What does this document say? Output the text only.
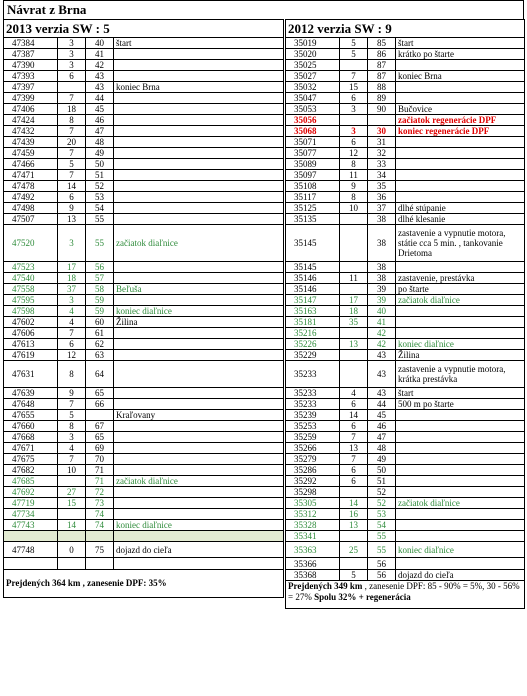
Návrat z Brna
2013 verzia SW : 5			
47384	3	40	štart
47387	3	41	
47390	3	42	
47393	6	43	
47397		43	koniec Brna
47399	7	44	
47406	18	45	
47424	8	46	
47432	7	47	
47439	20	48	
47459	7	49	
47466	5	50	
47471	7	51	
47478	14	52	
47492	6	53	
47498	9	54	
47507	13	55	
47520	3	55	začiatok diaľnice
47523	17	56	
47540	18	57	
47558	37	58	Beľuša
47595	3	59	
47598	4	59	koniec diaľnice
47602	4	60	Žilina
47606	7	61	
47613	6	62	
47619	12	63	
47631	8	64	
47639	9	65	
47648	7	66	
47655	5		Kraľovany
47660	8	67	
47668	3	65	
47671	4	69	
47675	7	70	
47682	10	71	
47685		71	začiatok diaľnice
47692	27	72	
47719	15	73	
47734		74	
47743	14	74	koniec diaľnice

47748	0	75	dojazd do cieľa

Prejdených 364 km , zanesenie DPF: 35%			
2012 verzia SW : 9			
35019	5	85	štart
35020	5	86	krátko po štarte
35025		87	
35027	7	87	koniec Brna
35032	15	88	
35047	6	89	
35053	3	90	Bučovice
35056			začiatok regenerácie DPF
35068	3	30	koniec regenerácie DPF
35071	6	31	
35077	12	32	
35089	8	33	
35097	11	34	
35108	9	35	
35117	8	36	
35125	10	37	dlhé stúpanie
35135		38	dlhé klesanie
35145		38	zastavenie a vypnutie motora, státie cca 5 min. , tankovanie Drietoma
35145		38	
35146	11	38	zastavenie, prestávka
35146		39	po štarte
35147	17	39	začiatok diaľnice
35163	18	40	
35181	35	41	
35216		42	
35226	13	42	koniec diaľnice
35229		43	Žilina
35233		43	zastavenie a vypnutie motora, krátka prestávka
35233	4	43	štart
35233	6	44	500 m po štarte
35239	14	45	
35253	6	46	
35259	7	47	
35266	13	48	
35279	7	49	
35286	6	50	
35292	6	51	
35298		52	
35305	14	52	začiatok diaľnice
35312	16	53	
35328	13	54	
35341		55	
35363	25	55	koniec diaľnice
35366		56	
35368	5	56	dojazd do cieľa
Prejdených 349 km , zanesenie DPF: 85 - 90% = 5%, 30 - 56% = 27% Spolu 32% + regenerácia			
